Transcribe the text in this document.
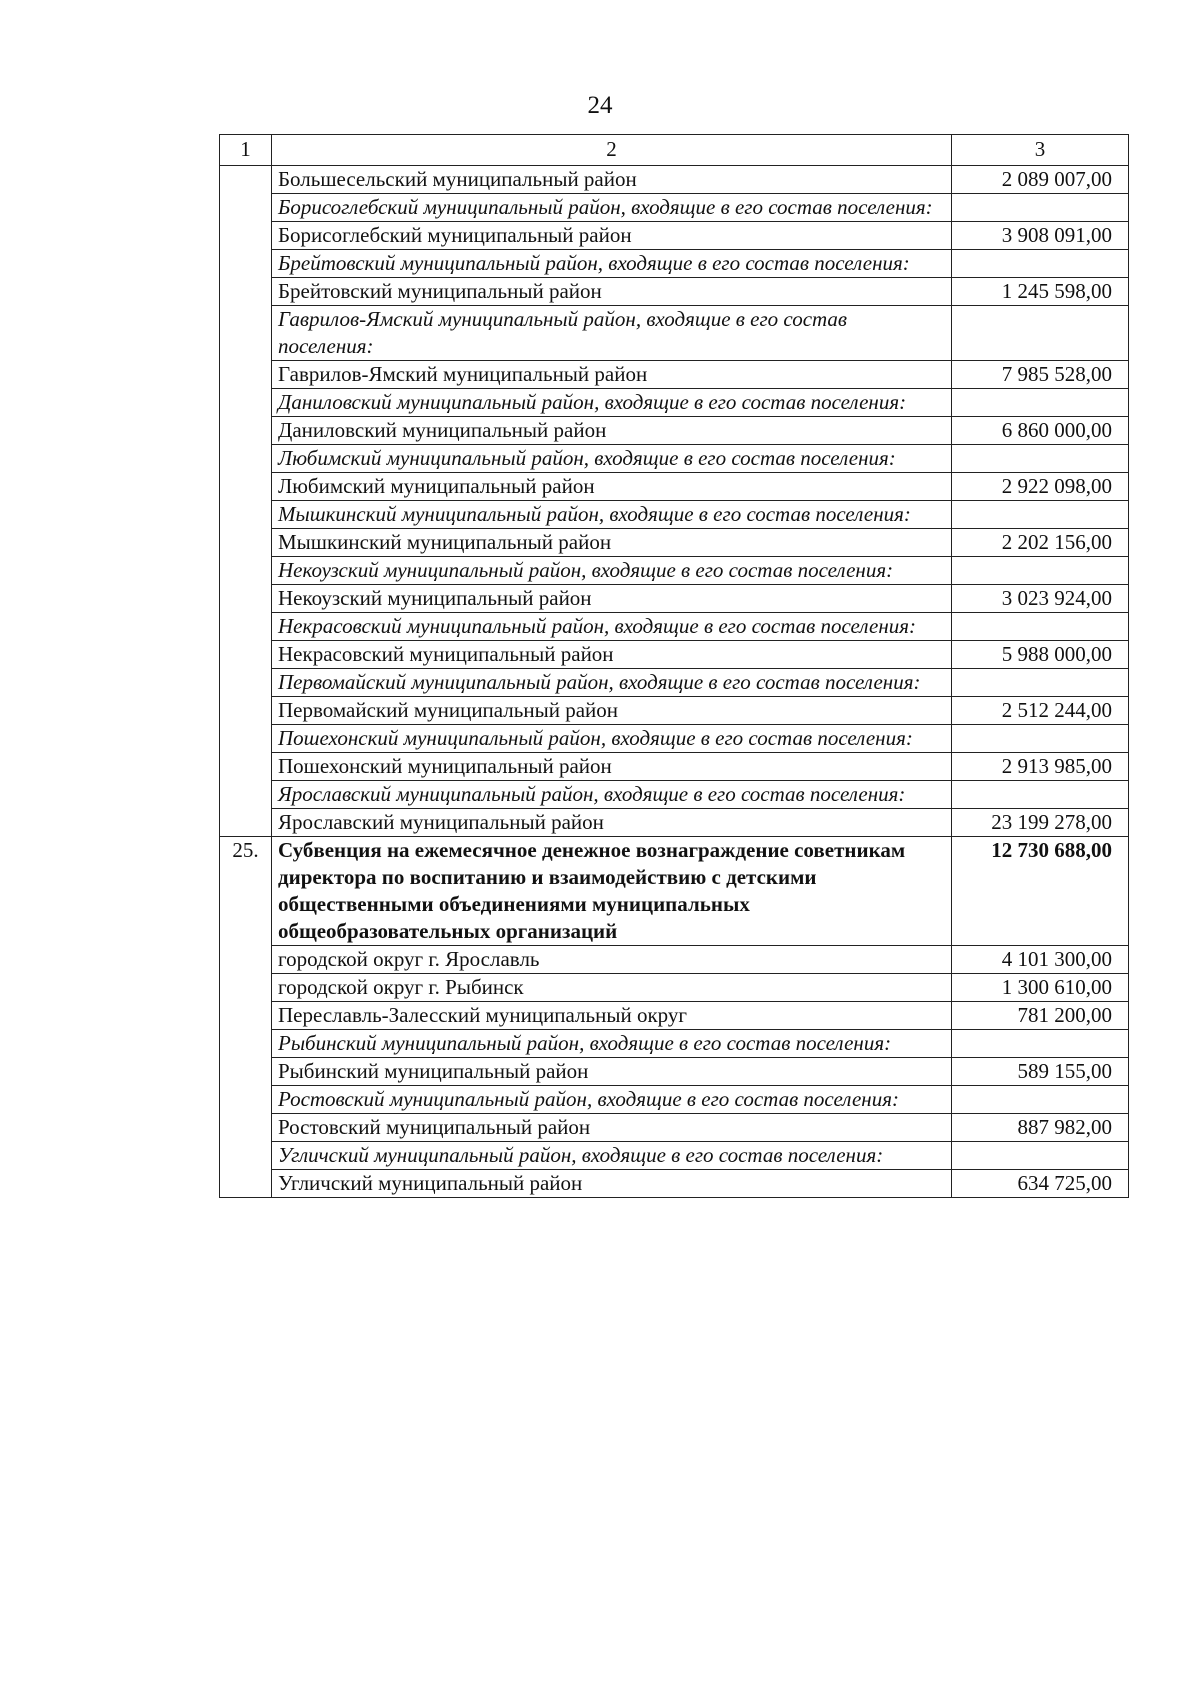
24
1	2	3
	Большесельский муниципальный район	2 089 007,00
	Борисоглебский муниципальный район, входящие в его состав поселения:	
	Борисоглебский муниципальный район	3 908 091,00
	Брейтовский муниципальный район, входящие в его состав поселения:	
	Брейтовский муниципальный район	1 245 598,00
	Гаврилов-Ямский муниципальный район, входящие в его состав поселения:	
	Гаврилов-Ямский муниципальный район	7 985 528,00
	Даниловский муниципальный район, входящие в его состав поселения:	
	Даниловский муниципальный район	6 860 000,00
	Любимский муниципальный район, входящие в его состав поселения:	
	Любимский муниципальный район	2 922 098,00
	Мышкинский муниципальный район, входящие в его состав поселения:	
	Мышкинский муниципальный район	2 202 156,00
	Некоузский муниципальный район, входящие в его состав поселения:	
	Некоузский муниципальный район	3 023 924,00
	Некрасовский муниципальный район, входящие в его состав поселения:	
	Некрасовский муниципальный район	5 988 000,00
	Первомайский муниципальный район, входящие в его состав поселения:	
	Первомайский муниципальный район	2 512 244,00
	Пошехонский муниципальный район, входящие в его состав поселения:	
	Пошехонский муниципальный район	2 913 985,00
	Ярославский муниципальный район, входящие в его состав поселения:	
	Ярославский муниципальный район	23 199 278,00
25.	Субвенция на ежемесячное денежное вознаграждение советникам директора по воспитанию и взаимодействию с детскими общественными объединениями муниципальных общеобразовательных организаций	12 730 688,00
	городской округ г. Ярославль	4 101 300,00
	городской округ г. Рыбинск	1 300 610,00
	Переславль-Залесский муниципальный округ	781 200,00
	Рыбинский муниципальный район, входящие в его состав поселения:	
	Рыбинский муниципальный район	589 155,00
	Ростовский муниципальный район, входящие в его состав поселения:	
	Ростовский муниципальный район	887 982,00
	Угличский муниципальный район, входящие в его состав поселения:	
	Угличский муниципальный район	634 725,00
